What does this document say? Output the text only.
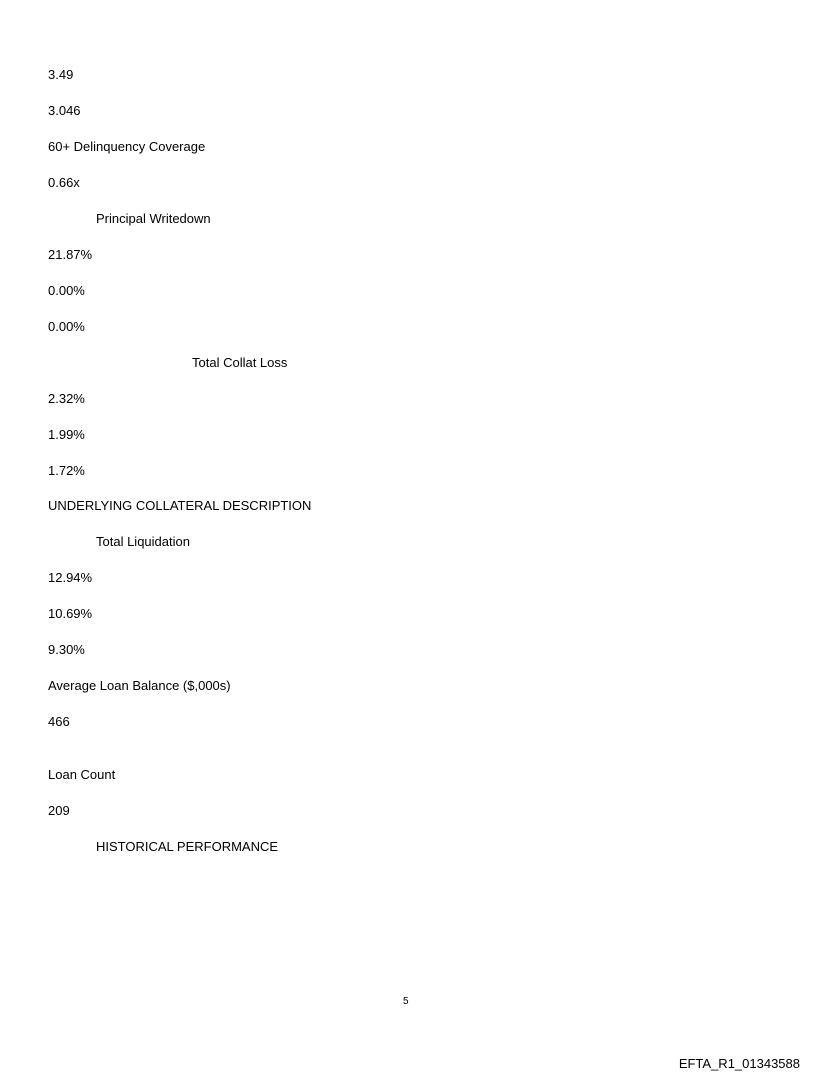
3.49
3.046
60+ Delinquency Coverage
0.66x
Principal Writedown
21.87%
0.00%
0.00%
Total Collat Loss
2.32%
1.99%
1.72%
UNDERLYING COLLATERAL DESCRIPTION
Total Liquidation
12.94%
10.69%
9.30%
Average Loan Balance ($,000s)
466
Loan Count
209
HISTORICAL PERFORMANCE
5
EFTA_R1_01343588
